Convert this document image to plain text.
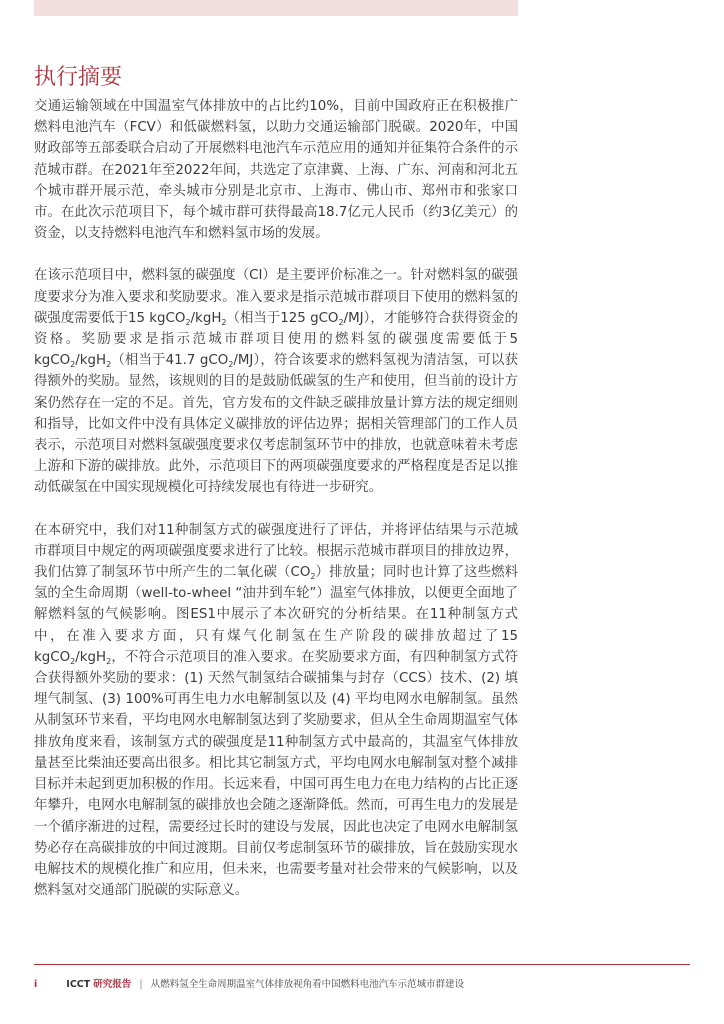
执行摘要

交通运输领域在中国温室气体排放中的占比约10%，目前中国政府正在积极推广燃料电池汽车（FCV）和低碳燃料氢，以助力交通运输部门脱碳。2020年，中国财政部等五部委联合启动了开展燃料电池汽车示范应用的通知并征集符合条件的示范城市群。在2021年至2022年间，共选定了京津冀、上海、广东、河南和河北五个城市群开展示范，牵头城市分别是北京市、上海市、佛山市、郑州市和张家口市。在此次示范项目下，每个城市群可获得最高18.7亿元人民币（约3亿美元）的资金，以支持燃料电池汽车和燃料氢市场的发展。

在该示范项目中，燃料氢的碳强度（CI）是主要评价标准之一。针对燃料氢的碳强度要求分为准入要求和奖励要求。准入要求是指示范城市群项目下使用的燃料氢的碳强度需要低于15 kgCO$_2$/kgH$_2$（相当于125 gCO$_2$/MJ），才能够符合获得资金的资格。奖励要求是指示范城市群项目使用的燃料氢的碳强度需要低于5 kgCO$_2$/kgH$_2$（相当于41.7 gCO$_2$/MJ），符合该要求的燃料氢视为清洁氢，可以获得额外的奖励。显然，该规则的目的是鼓励低碳氢的生产和使用，但当前的设计方案仍然存在一定的不足。首先，官方发布的文件缺乏碳排放量计算方法的规定细则和指导，比如文件中没有具体定义碳排放的评估边界；据相关管理部门的工作人员表示，示范项目对燃料氢碳强度要求仅考虑制氢环节中的排放，也就意味着未考虑上游和下游的碳排放。此外，示范项目下的两项碳强度要求的严格程度是否足以推动低碳氢在中国实现规模化可持续发展也有待进一步研究。

在本研究中，我们对11种制氢方式的碳强度进行了评估，并将评估结果与示范城市群项目中规定的两项碳强度要求进行了比较。根据示范城市群项目的排放边界，我们估算了制氢环节中所产生的二氧化碳$(CO_2)$排放量；同时也计算了这些燃料氢的全生命周期（well-to-wheel “油井到车轮”）温室气体排放，以便更全面地了解燃料氢的气候影响。图ES1中展示了本次研究的分析结果。在11种制氢方式中，在准入要求方面，只有煤气化制氢在生产阶段的碳排放超过了15 kgCO$_2$/kgH$_2$，不符合示范项目的准入要求。在奖励要求方面，有四种制氢方式符合获得额外奖励的要求：(1) 天然气制氢结合碳捕集与封存（CCS）技术、(2) 填埋气制氢、(3) 100%可再生电力水电解制氢以及 (4) 平均电网水电解制氢。虽然从制氢环节来看，平均电网水电解制氢达到了奖励要求，但从全生命周期温室气体排放角度来看，该制氢方式的碳强度是11种制氢方式中最高的，其温室气体排放量甚至比柴油还要高出很多。相比其它制氢方式，平均电网水电解制氢对整个减排目标并未起到更加积极的作用。长远来看，中国可再生电力在电力结构的占比正逐年攀升，电网水电解制氢的碳排放也会随之逐渐降低。然而，可再生电力的发展是一个循序渐进的过程，需要经过长时的建设与发展，因此也决定了电网水电解制氢势必存在高碳排放的中间过渡期。目前仅考虑制氢环节的碳排放，旨在鼓励实现水电解技术的规模化推广和应用，但未来，也需要考量对社会带来的气候影响，以及燃料氢对交通部门脱碳的实际意义。

i	ICCT 研究报告 | 从燃料氢全生命周期温室气体排放视角看中国燃料电池汽车示范城市群建设
